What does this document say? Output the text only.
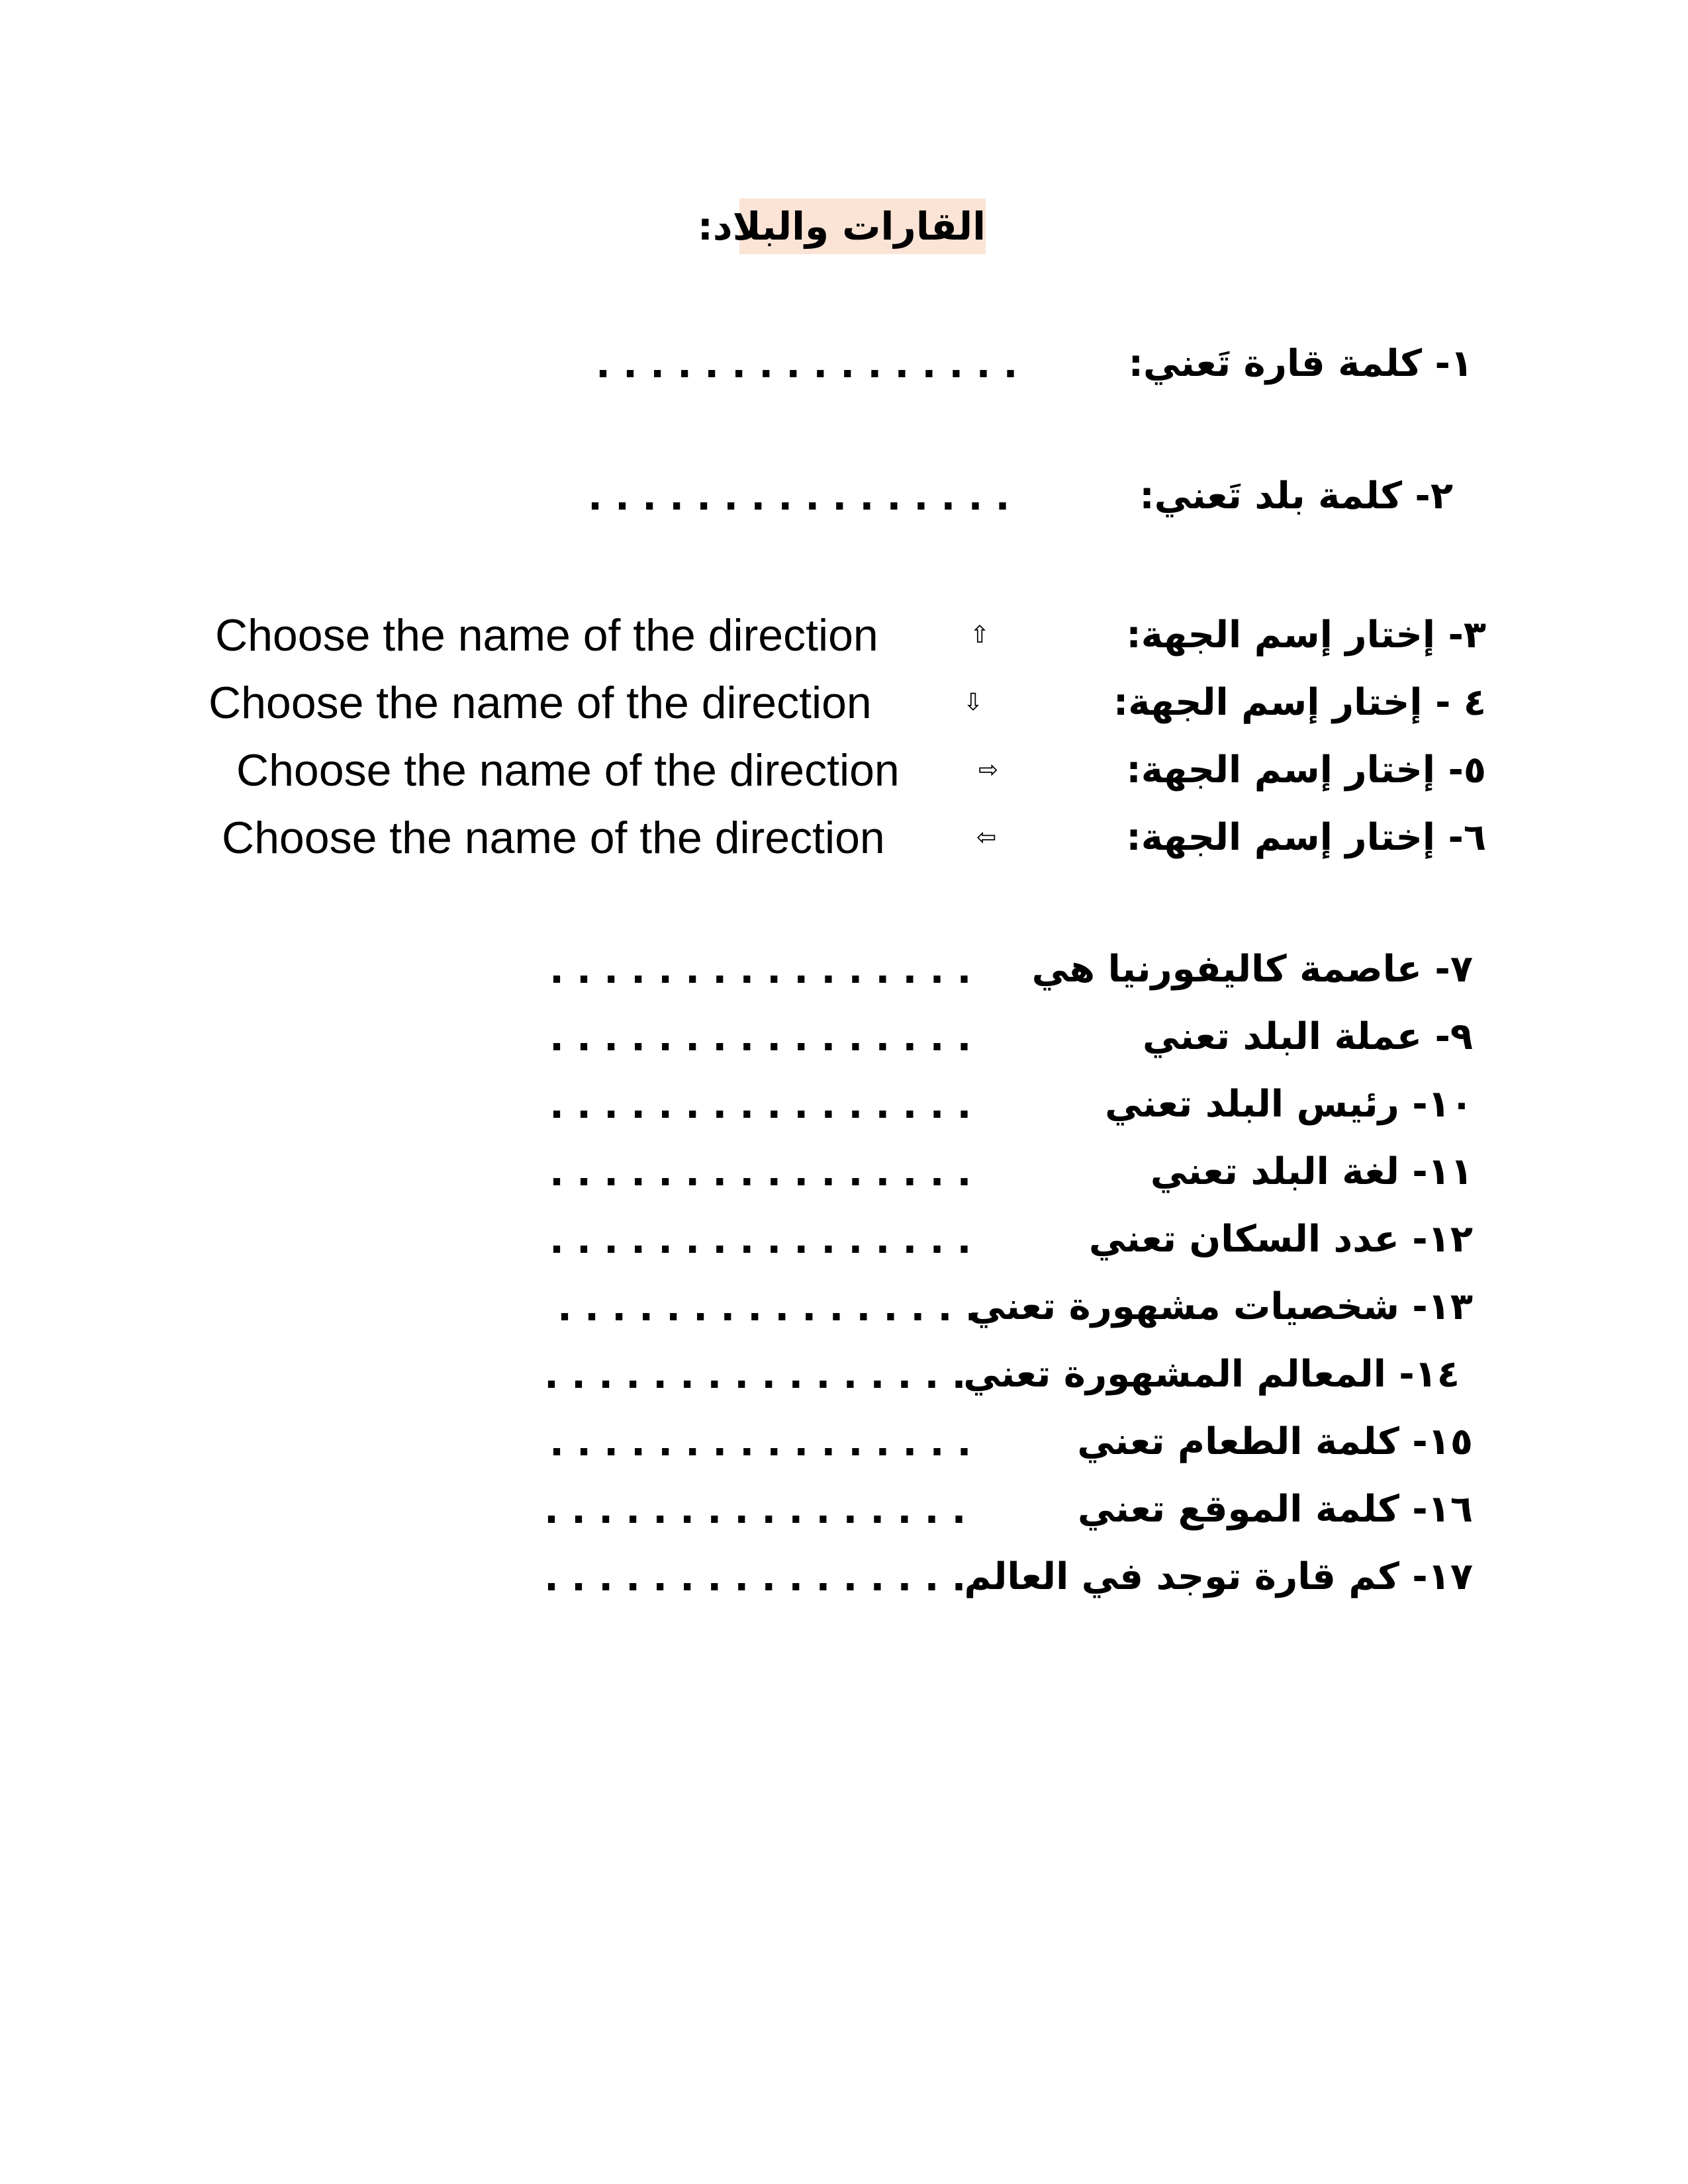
القارات والبلاد:
١- كلمة قارة تَعني:
................
٢- كلمة بلد تَعني:
................
٣- إختار إسم الجهة:
⇧
Choose the name of the direction
٤ - إختار إسم الجهة:
⇩
Choose the name of the direction
٥- إختار إسم الجهة:
⇨
Choose the name of the direction
٦- إختار إسم الجهة:
⇦
Choose the name of the direction
٧- عاصمة كاليفورنيا هي
................
٩- عملة البلد تعني
................
١٠- رئيس البلد تعني
................
١١- لغة البلد تعني
................
١٢- عدد السكان تعني
................
١٣- شخصيات مشهورة تعني
................
١٤- المعالم المشهورة تعني
................
١٥- كلمة الطعام تعني
................
١٦- كلمة الموقع تعني
................
١٧- كم قارة توجد في العالم
................
